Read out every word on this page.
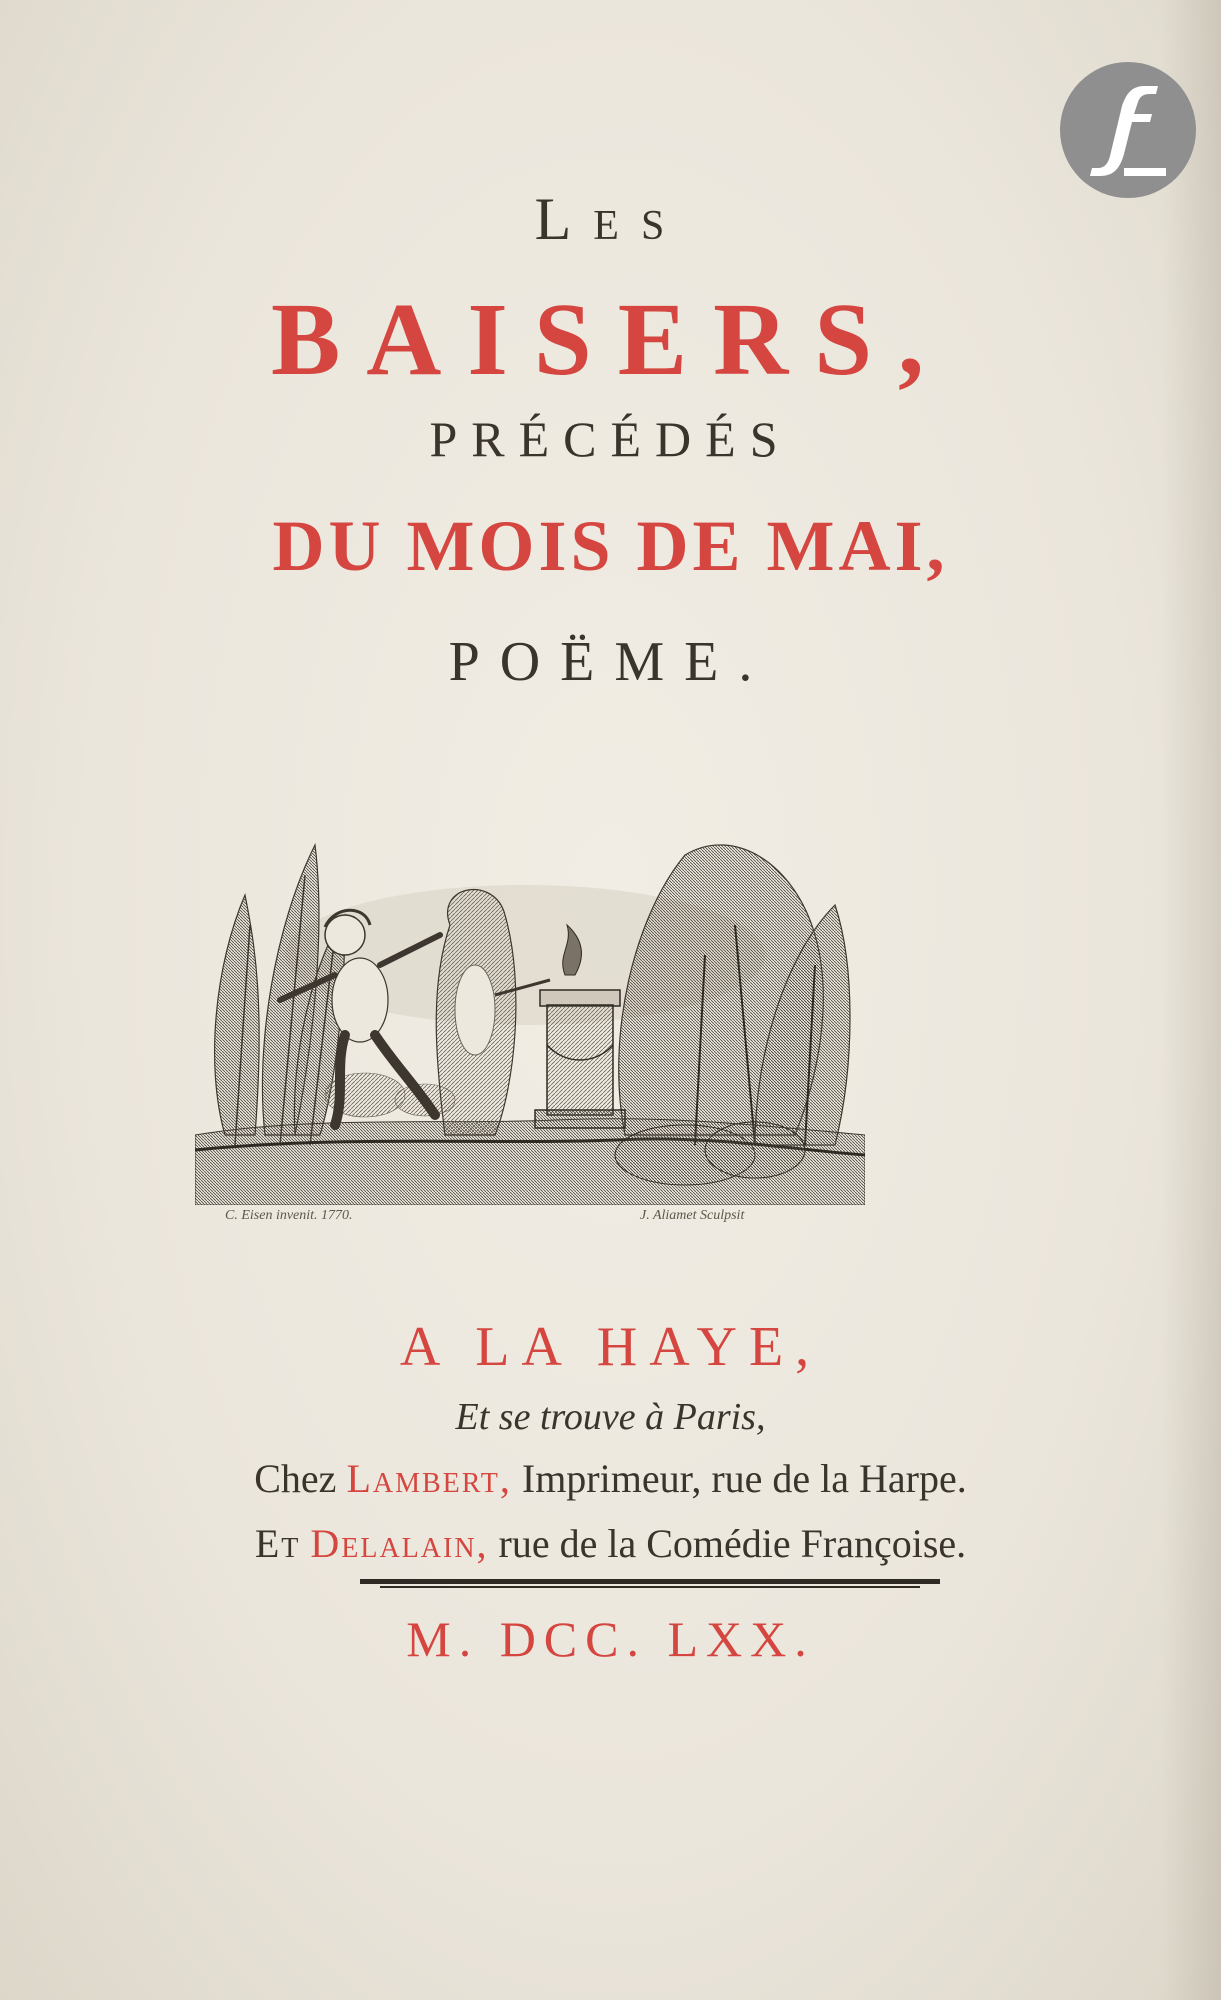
Les
BAISERS,
PRÉCÉDÉS
DU MOIS DE MAI,
POËME.
C. Eisen invenit. 1770.	J. Aliamet Sculpsit
A LA HAYE,
Et se trouve à Paris,
Chez Lambert, Imprimeur, rue de la Harpe.
Et Delalain, rue de la Comédie Françoise.
M. DCC. LXX.
